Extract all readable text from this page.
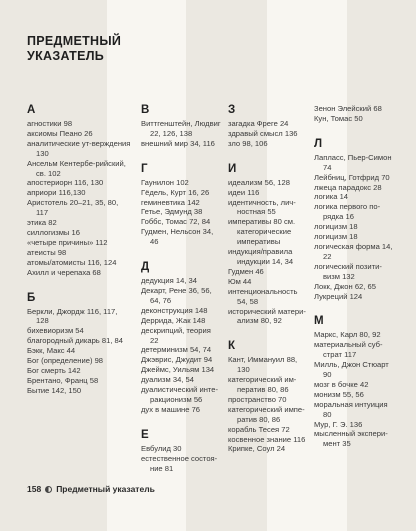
ПРЕДМЕТНЫЙ
УКАЗАТЕЛЬ
А
агностики 98
аксиомы Пеано 26
аналитические ут-верждения 130
Ансельм Кентербе-рийский, св. 102
апостериорн 116, 130
априори 116,130
Аристотель 20–21, 35, 80, 117
этика 82
силлогизмы 16
«четыре причины» 112
атеисты 98
атомы/атомисты 116, 124
Ахилл и черепаха 68
Б
Беркли, Джордж 116, 117, 128
бихевиоризм 54
благородный дикарь 81, 84
Бэкк, Макс 44
Бог (определение) 98
Бог смерть 142
Брентано, Франц 58
Бытие 142, 150
В
Виттгенштейн, Людвиг 22, 126, 138
внешний мир 34, 116
Г
Гаунилон 102
Гёдель, Курт 16, 26
геминевтика 142
Гетье, Эдмунд 38
Гоббс, Томас 72, 84
Гудмен, Нельсон 34, 46
Д
дедукция 14, 34
Декарт, Рене 36, 56, 64, 76
деконструкция 148
Деррида, Жак 148
дескрипций, теория 22
детерминизм 54, 74
Джэврис, Джудит 94
Джеймс, Уильям 134
дуализм 34, 54
дуалистический инте-ракционизм 56
дух в машине 76
Е
Евбулид 30
естественное состоя-ние 81
З
загадка Фреге 24
здравый смысл 136
зло 98, 106
И
идеализм 56, 128
идеи 116
идентичность, лич-ностная 55
императивы 80 см. категорические императивы
индукция/правила индукции 14, 34
Гудмен 46
Юм 44
интенциональность 54, 58
исторический матери-ализм 80, 92
К
Кант, Иммануил 88, 130
категорический им-ператив 80, 86
пространство 70
категорический импе-ратив 80, 86
корабль Тесея 72
косвенное знание 116
Крипке, Соул 24
Зенон Элейский 68
Кун, Томас 50
Л
Лапласс, Пьер-Симон 74
Лейбниц, Готфрид 70
лжеца парадокс 28
логика 14
логика первого по-рядка 16
логицизм 18
логицизм 18
логическая форма 14, 22
логический позити-визм 132
Локк, Джон 62, 65
Лукреций 124
М
Маркс, Карл 80, 92
материальный суб-страт 117
Милль, Джон Стюарт 90
мозг в бочке 42
монизм 55, 56
моральная интуиция 80
Мур, Г. Э. 136
мысленный экспери-мент 35
158 Предметный указатель
